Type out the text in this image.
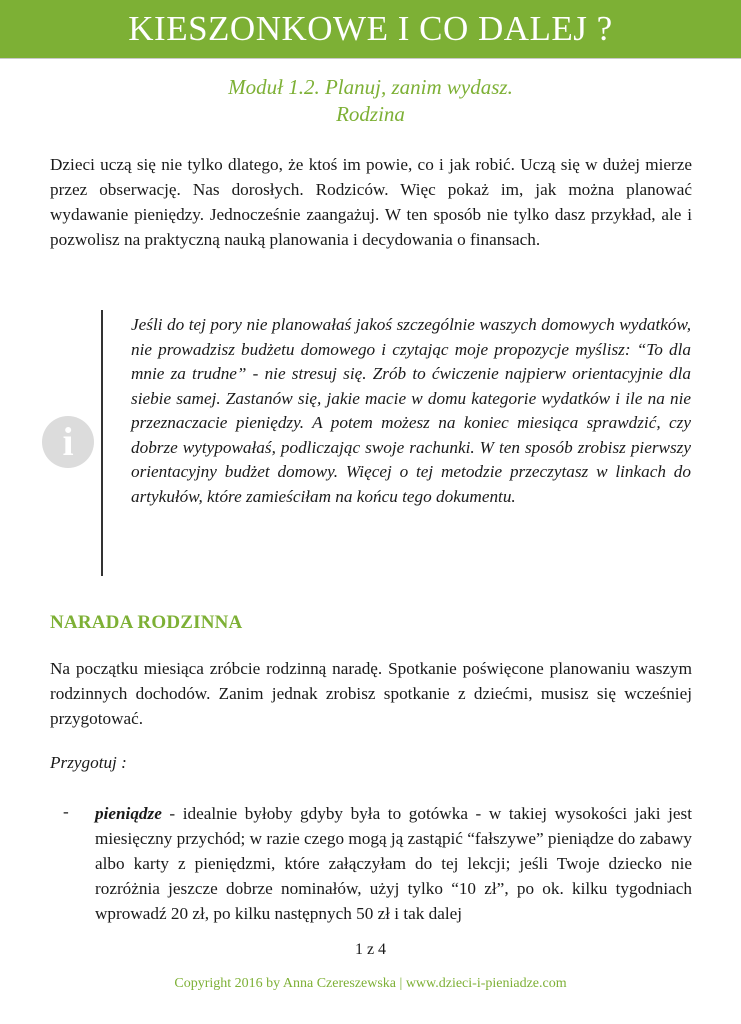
KIESZONKOWE I CO DALEJ ?
Moduł 1.2. Planuj, zanim wydasz.
Rodzina

Dzieci uczą się nie tylko dlatego, że ktoś im powie, co i jak robić. Uczą się w dużej mierze przez obserwację. Nas dorosłych. Rodziców. Więc pokaż im, jak można planować wydawanie pieniędzy. Jednocześnie zaangażuj. W ten sposób nie tylko dasz przykład, ale i pozwolisz na praktyczną nauką planowania i decydowania o finansach.

i

Jeśli do tej pory nie planowałaś jakoś szczególnie waszych domowych wydatków, nie prowadzisz budżetu domowego i czytając moje propozycje myślisz: “To dla mnie za trudne” - nie stresuj się. Zrób to ćwiczenie najpierw orientacyjnie dla siebie samej. Zastanów się, jakie macie w domu kategorie wydatków i ile na nie przeznaczacie pieniędzy. A potem możesz na koniec miesiąca sprawdzić, czy dobrze wytypowałaś, podliczając swoje rachunki. W ten sposób zrobisz pierwszy orientacyjny budżet domowy. Więcej o tej metodzie przeczytasz w linkach do artykułów, które zamieściłam na końcu tego dokumentu.

NARADA RODZINNA

Na początku miesiąca zróbcie rodzinną naradę. Spotkanie poświęcone planowaniu waszym rodzinnych dochodów. Zanim jednak zrobisz spotkanie z dziećmi, musisz się wcześniej przygotować.

Przygotuj :
- pieniądze - idealnie byłoby gdyby była to gotówka - w takiej wysokości jaki jest miesięczny przychód; w razie czego mogą ją zastąpić “fałszywe” pieniądze do zabawy albo karty z pieniędzmi, które załączyłam do tej lekcji; jeśli Twoje dziecko nie rozróżnia jeszcze dobrze nominałów, użyj tylko “10 zł”, po ok. kilku tygodniach wprowadź 20 zł, po kilku następnych 50 zł i tak dalej

1 z 4
Copyright 2016 by Anna Czereszewska | www.dzieci-i-pieniadze.com
